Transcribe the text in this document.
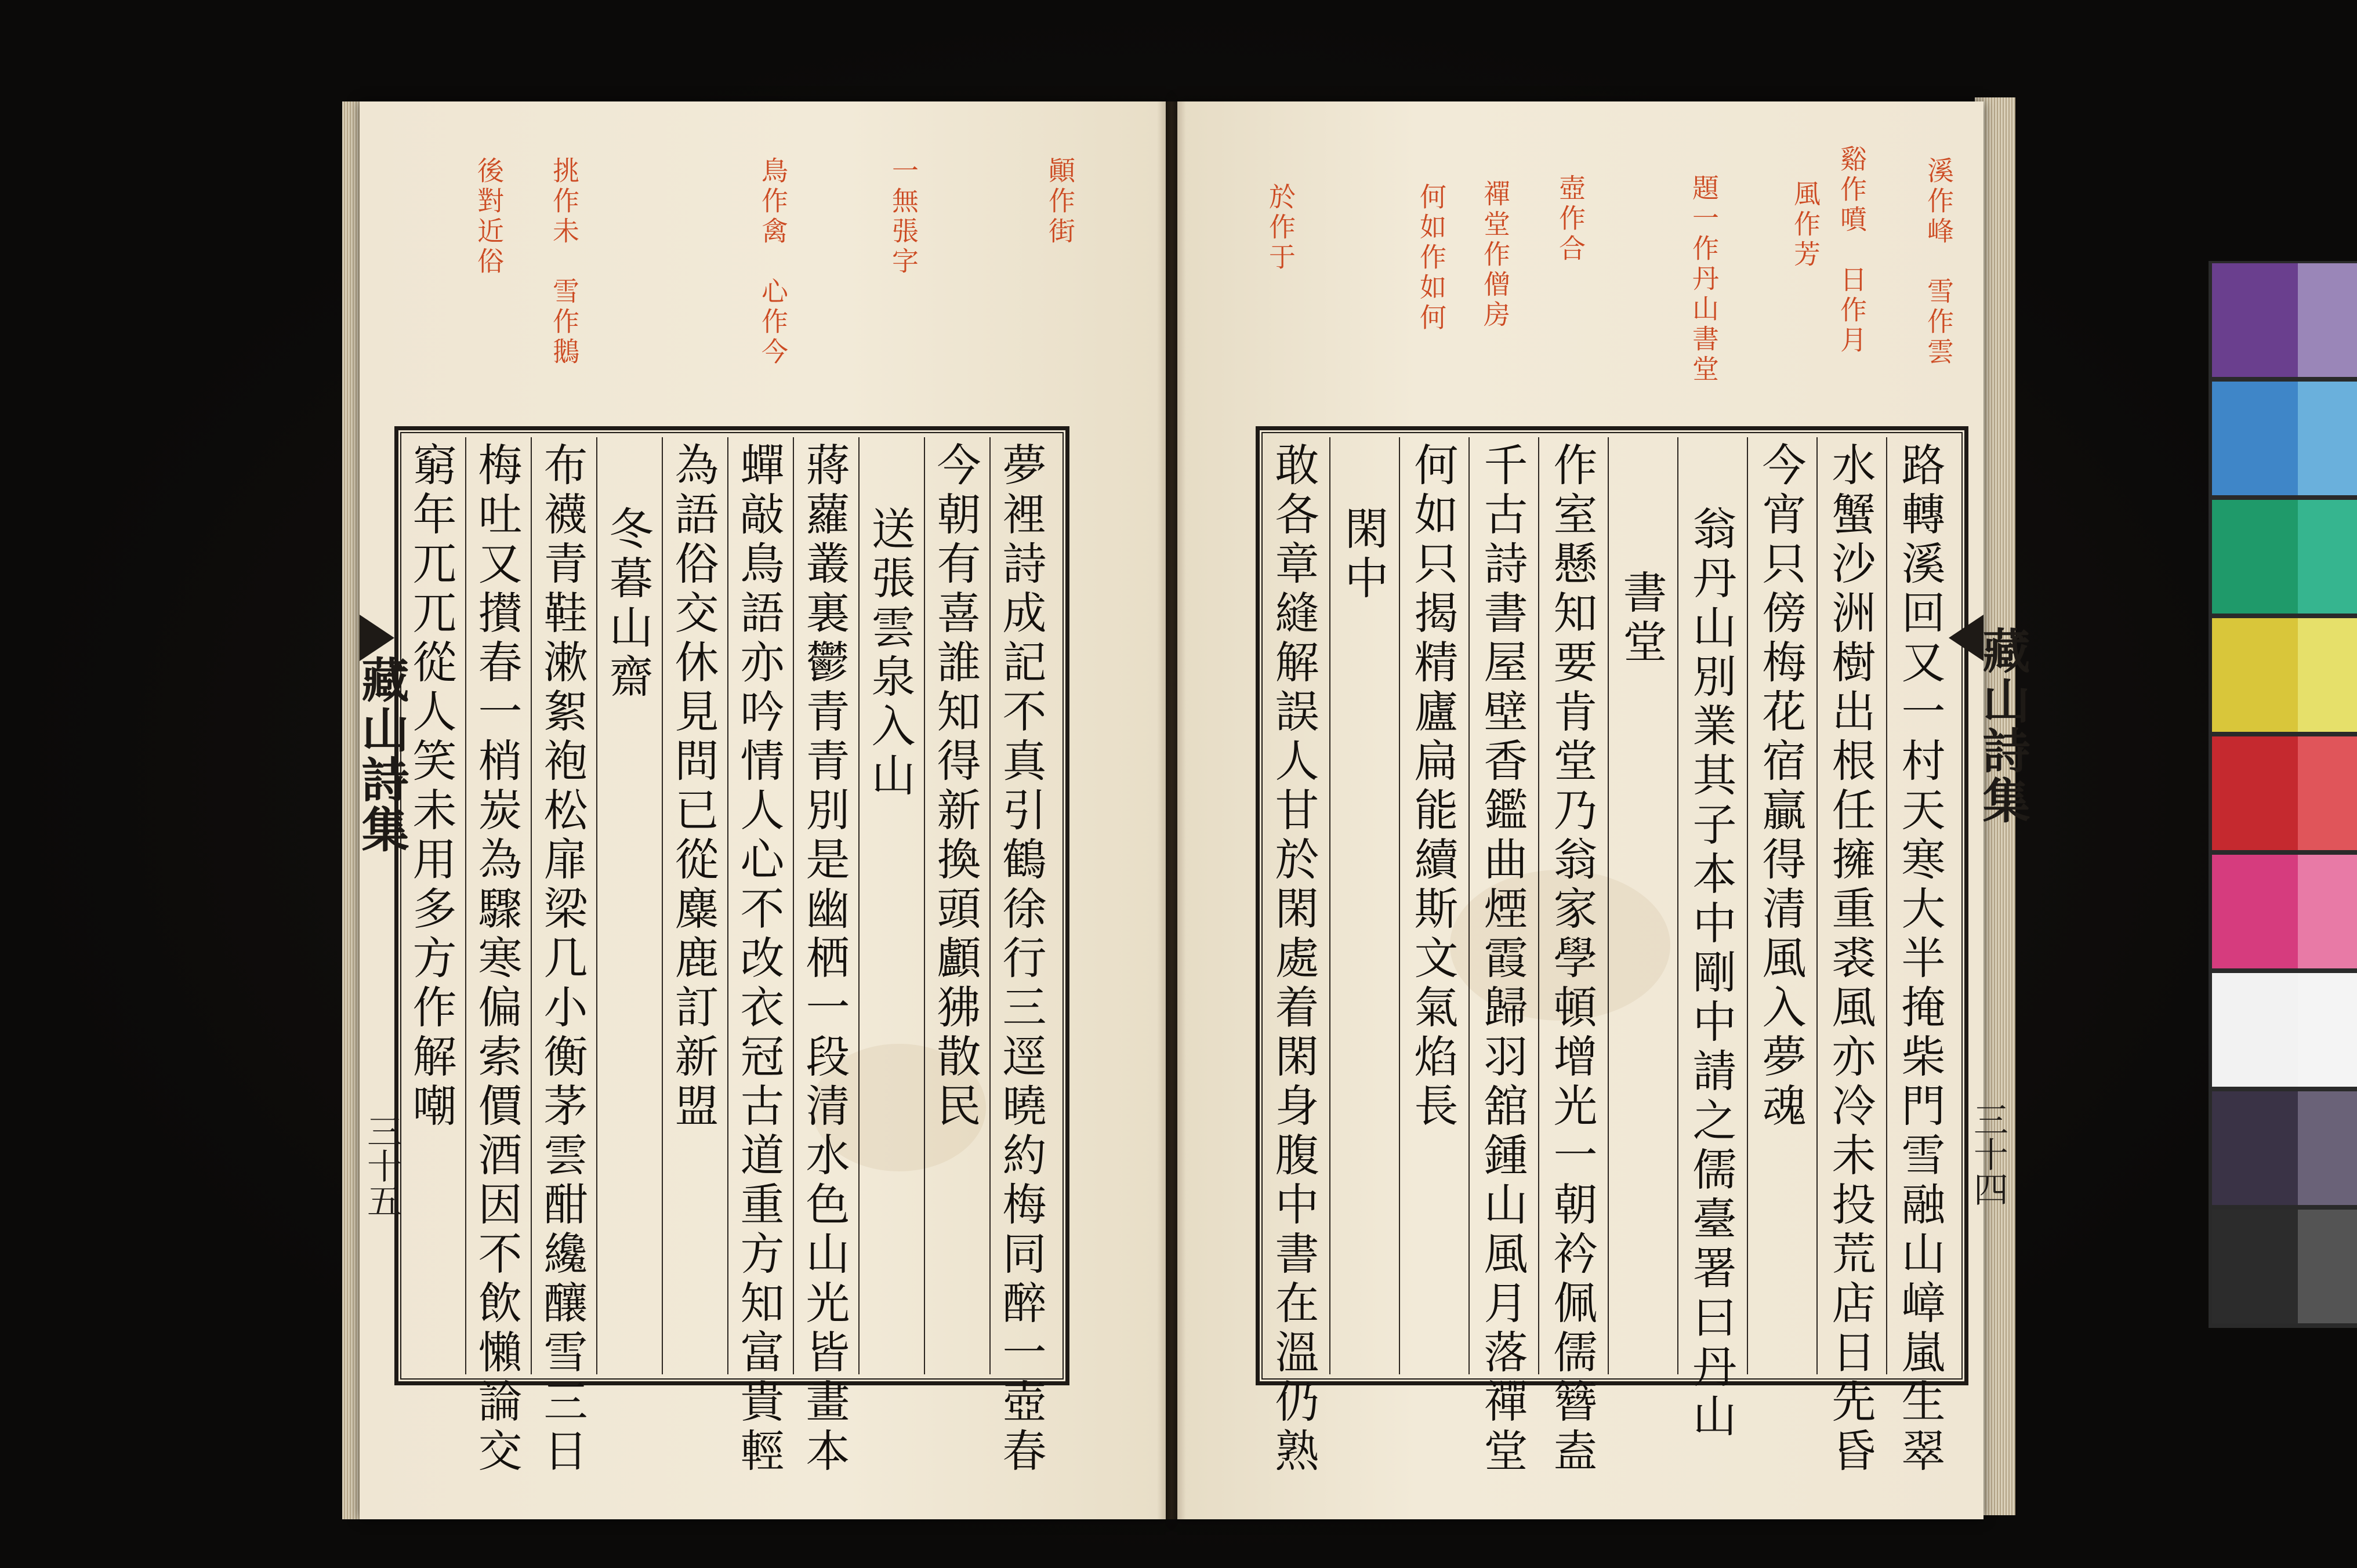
顚作街
一無張字
鳥作禽　心作今
挑作未　雪作鵝
後對近俗	溪作峰　雪作雲
谿作噴　日作月
風作芳
題一作丹山書堂
壺作合
禪堂作僧房
何如作如何
於作于
夢裡詩成記不真引鶴徐行三逕曉約梅同醉一壺春
今朝有喜誰知得新換頭顱狒散民
送張雲泉入山
蔣蘿叢裏鬱青青別是幽栖一段清水色山光皆畫本
蟬敲鳥語亦吟情人心不改衣冠古道重方知富貴輕
為語俗交休見問已從麋鹿訂新盟
冬暮山齋
布襪青鞋漱絮袍松扉梁几小衡茅雲酣纔釀雪三日
梅吐又攅春一梢炭為驟寒偏索價酒因不飲懶論交
窮年兀兀從人笑未用多方作解嘲	路轉溪回又一村天寒大半掩柴門雪融山嶂嵐生翠
水蟹沙洲樹出根任擁重裘風亦冷未投荒店日先昏
今宵只傍梅花宿贏得清風入夢魂
翁丹山別業其子本中剛中請之儒臺署曰丹山
書堂
作室懸知要肯堂乃翁家學頓增光一朝衿佩儒簪盍
千古詩書屋壁香鑑曲煙霞歸羽舘鍾山風月落禪堂
何如只揭精廬扁能續斯文氣焰長
閑中
敢各章縫解誤人甘於閑處着閑身腹中書在溫仍熟
藏山詩集	藏山詩集
三十五	三十四
